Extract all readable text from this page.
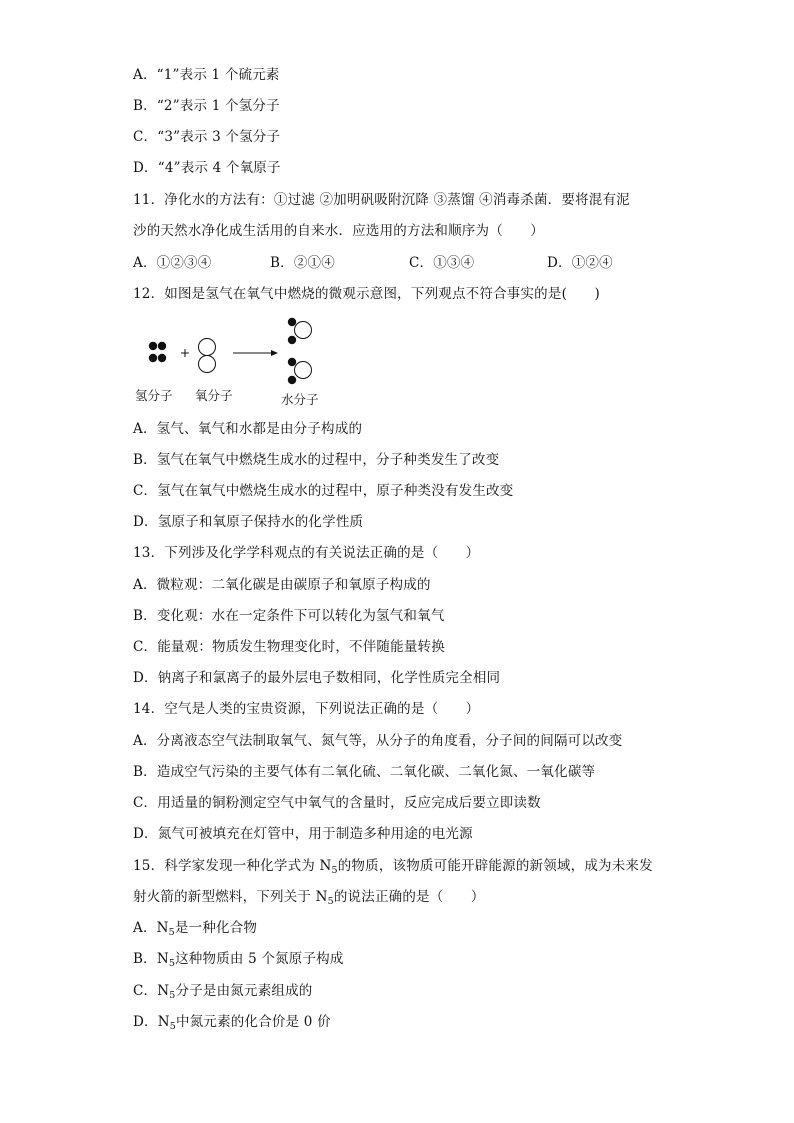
A．“1”表示 1 个硫元素
B．“2”表示 1 个氢分子
C．“3”表示 3 个氢分子
D．“4”表示 4 个氧原子
11．净化水的方法有：①过滤 ②加明矾吸附沉降 ③蒸馏 ④消毒杀菌．要将混有泥
沙的天然水净化成生活用的自来水．应选用的方法和顺序为（　　）
A．①②③④	B．②①④	C．①③④	D．①②④
12．如图是氢气在氧气中燃烧的微观示意图，下列观点不符合事实的是(　　)
+
氢分子 氧分子	水分子
A．氢气、氧气和水都是由分子构成的
B．氢气在氧气中燃烧生成水的过程中，分子种类发生了改变
C．氢气在氧气中燃烧生成水的过程中，原子种类没有发生改变
D．氢原子和氧原子保持水的化学性质
13．下列涉及化学学科观点的有关说法正确的是（　　）
A．微粒观：二氧化碳是由碳原子和氧原子构成的
B．变化观：水在一定条件下可以转化为氢气和氧气
C．能量观：物质发生物理变化时，不伴随能量转换
D．钠离子和氯离子的最外层电子数相同，化学性质完全相同
14．空气是人类的宝贵资源，下列说法正确的是（　　）
A．分离液态空气法制取氧气、氮气等，从分子的角度看，分子间的间隔可以改变
B．造成空气污染的主要气体有二氧化硫、二氧化碳、二氧化氮、一氧化碳等
C．用适量的铜粉测定空气中氧气的含量时，反应完成后要立即读数
D．氮气可被填充在灯管中，用于制造多种用途的电光源
15．科学家发现一种化学式为 $N_5$的物质，该物质可能开辟能源的新领域，成为未来发
射火箭的新型燃料，下列关于 $N_5$的说法正确的是（　　）
A．$N_5$是一种化合物
B．$N_5$这种物质由 5 个氮原子构成
C．$N_5$分子是由氮元素组成的
D．$N_5$中氮元素的化合价是 0 价
